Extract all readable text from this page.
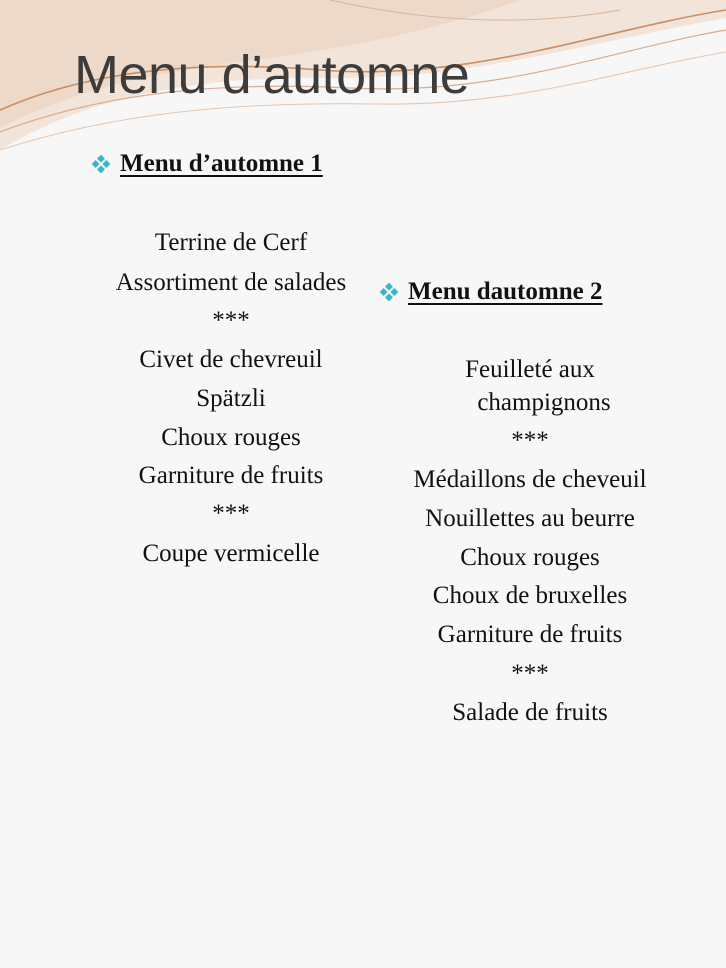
Menu d’automne
Menu d’automne 1
Terrine de Cerf
Assortiment de salades
***
Civet de chevreuil
Spätzli
Choux rouges
Garniture de fruits
***
Coupe vermicelle
Menu dautomne 2
Feuilleté aux
champignons
***
Médaillons de cheveuil
Nouillettes au beurre
Choux rouges
Choux de bruxelles
Garniture de fruits
***
Salade de fruits
